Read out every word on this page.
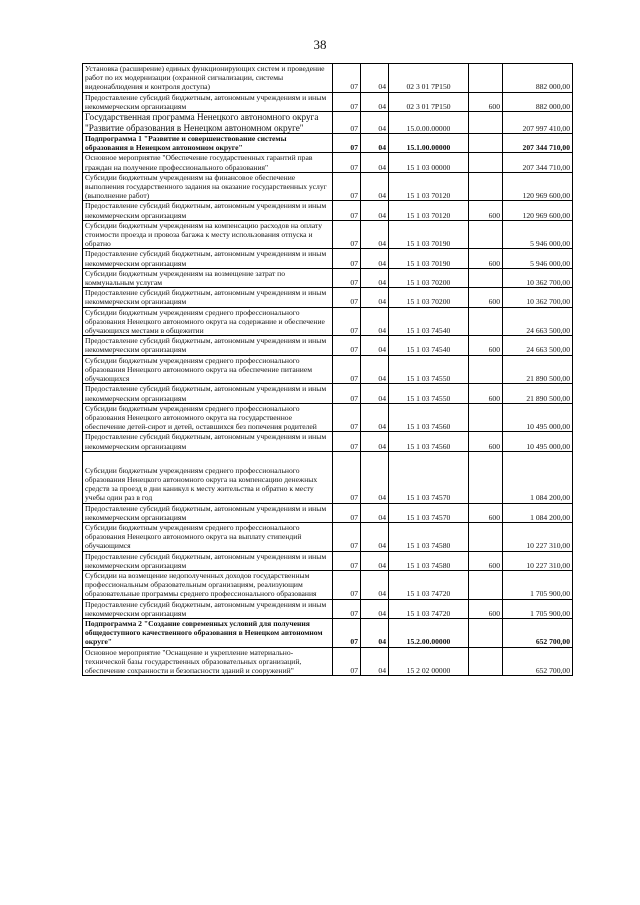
38
Установка (расширение) единых функционирующих систем и проведение работ по их модернизации (охранной сигнализации, системы видеонаблюдения и контроля доступа)	07	04	02 3 01 7Р150		882 000,00
Предоставление субсидий бюджетным, автономным учреждениям и иным некоммерческим организациям	07	04	02 3 01 7Р150	600	882 000,00
Государственная программа Ненецкого автономного округа "Развитие образования в Ненецком автономном округе"	07	04	15.0.00.00000		207 997 410,00
Подпрограмма 1 "Развитие и совершенствование системы образования в Ненецком автономном округе"	07	04	15.1.00.00000		207 344 710,00
Основное мероприятие "Обеспечение государственных гарантий прав граждан на получение профессионального образования"	07	04	15 1 03 00000		207 344 710,00
Субсидии бюджетным учреждениям на финансовое обеспечение выполнения государственного задания на оказание государственных услуг (выполнение работ)	07	04	15 1 03 70120		120 969 600,00
Предоставление субсидий бюджетным, автономным учреждениям и иным некоммерческим организациям	07	04	15 1 03 70120	600	120 969 600,00
Субсидии бюджетным учреждениям на компенсацию расходов на оплату стоимости проезда и провоза багажа к месту использования отпуска и обратно	07	04	15 1 03 70190		5 946 000,00
Предоставление субсидий бюджетным, автономным учреждениям и иным некоммерческим организациям	07	04	15 1 03 70190	600	5 946 000,00
Субсидии бюджетным учреждениям на возмещение затрат по коммунальным услугам	07	04	15 1 03 70200		10 362 700,00
Предоставление субсидий бюджетным, автономным учреждениям и иным некоммерческим организациям	07	04	15 1 03 70200	600	10 362 700,00
Субсидии бюджетным учреждениям среднего профессионального образования Ненецкого автономного округа на содержание и обеспечение обучающихся местами в общежитии	07	04	15 1 03 74540		24 663 500,00
Предоставление субсидий бюджетным, автономным учреждениям и иным некоммерческим организациям	07	04	15 1 03 74540	600	24 663 500,00
Субсидии бюджетным учреждениям среднего профессионального образования Ненецкого автономного округа на обеспечение питанием обучающихся	07	04	15 1 03 74550		21 890 500,00
Предоставление субсидий бюджетным, автономным учреждениям и иным некоммерческим организациям	07	04	15 1 03 74550	600	21 890 500,00
Субсидии бюджетным учреждениям среднего профессионального образования Ненецкого автономного округа на государственное обеспечение детей-сирот и детей, оставшихся без попечения родителей	07	04	15 1 03 74560		10 495 000,00
Предоставление субсидий бюджетным, автономным учреждениям и иным некоммерческим организациям	07	04	15 1 03 74560	600	10 495 000,00
Субсидии бюджетным учреждениям среднего профессионального образования Ненецкого автономного округа на компенсацию денежных средств за проезд в дни каникул к месту жительства и обратно к месту учебы один раз в год	07	04	15 1 03 74570		1 084 200,00
Предоставление субсидий бюджетным, автономным учреждениям и иным некоммерческим организациям	07	04	15 1 03 74570	600	1 084 200,00
Субсидии бюджетным учреждениям среднего профессионального образования Ненецкого автономного округа на выплату стипендий обучающимся	07	04	15 1 03 74580		10 227 310,00
Предоставление субсидий бюджетным, автономным учреждениям и иным некоммерческим организациям	07	04	15 1 03 74580	600	10 227 310,00
Субсидии на возмещение недополученных доходов государственным профессиональным образовательным организациям, реализующим образовательные программы среднего профессионального образования	07	04	15 1 03 74720		1 705 900,00
Предоставление субсидий бюджетным, автономным учреждениям и иным некоммерческим организациям	07	04	15 1 03 74720	600	1 705 900,00
Подпрограмма 2 "Создание современных условий для получения общедоступного качественного образования в Ненецком автономном округе"	07	04	15.2.00.00000		652 700,00
Основное мероприятие "Оснащение и укрепление материально-технической базы государственных образовательных организаций, обеспечение сохранности и безопасности зданий и сооружений"	07	04	15 2 02 00000		652 700,00
